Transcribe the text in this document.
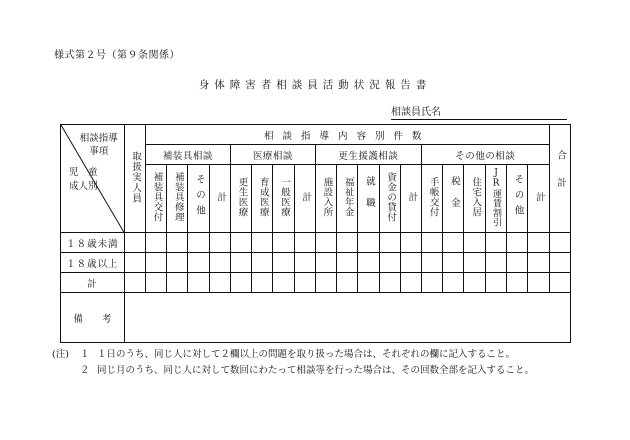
様式第２号（第９条関係）
身体障害者相談員活動状況報告書
相談員氏名
相談指導
事項
児　童
成人別	取扱実人員	相談指導内容別件数																			合計
		補装具相談				医療相談				更生援護相談					その他の相談						
		補装具交付	補装具修理	その他	計	更生医療	育成医療	一般医療	計	施設入所	福祉年金	就職	資金の貸付	計	手帳交付	税金	住宅入居	JR運賃割引	その他	計	
１８歳未満																					
１８歳以上																					
計																					
備　　考																					
(注) １ １日のうち、同じ人に対して２欄以上の問題を取り扱った場合は、それぞれの欄に記入すること。
２ 同じ月のうち、同じ人に対して数回にわたって相談等を行った場合は、その回数全部を記入すること。
